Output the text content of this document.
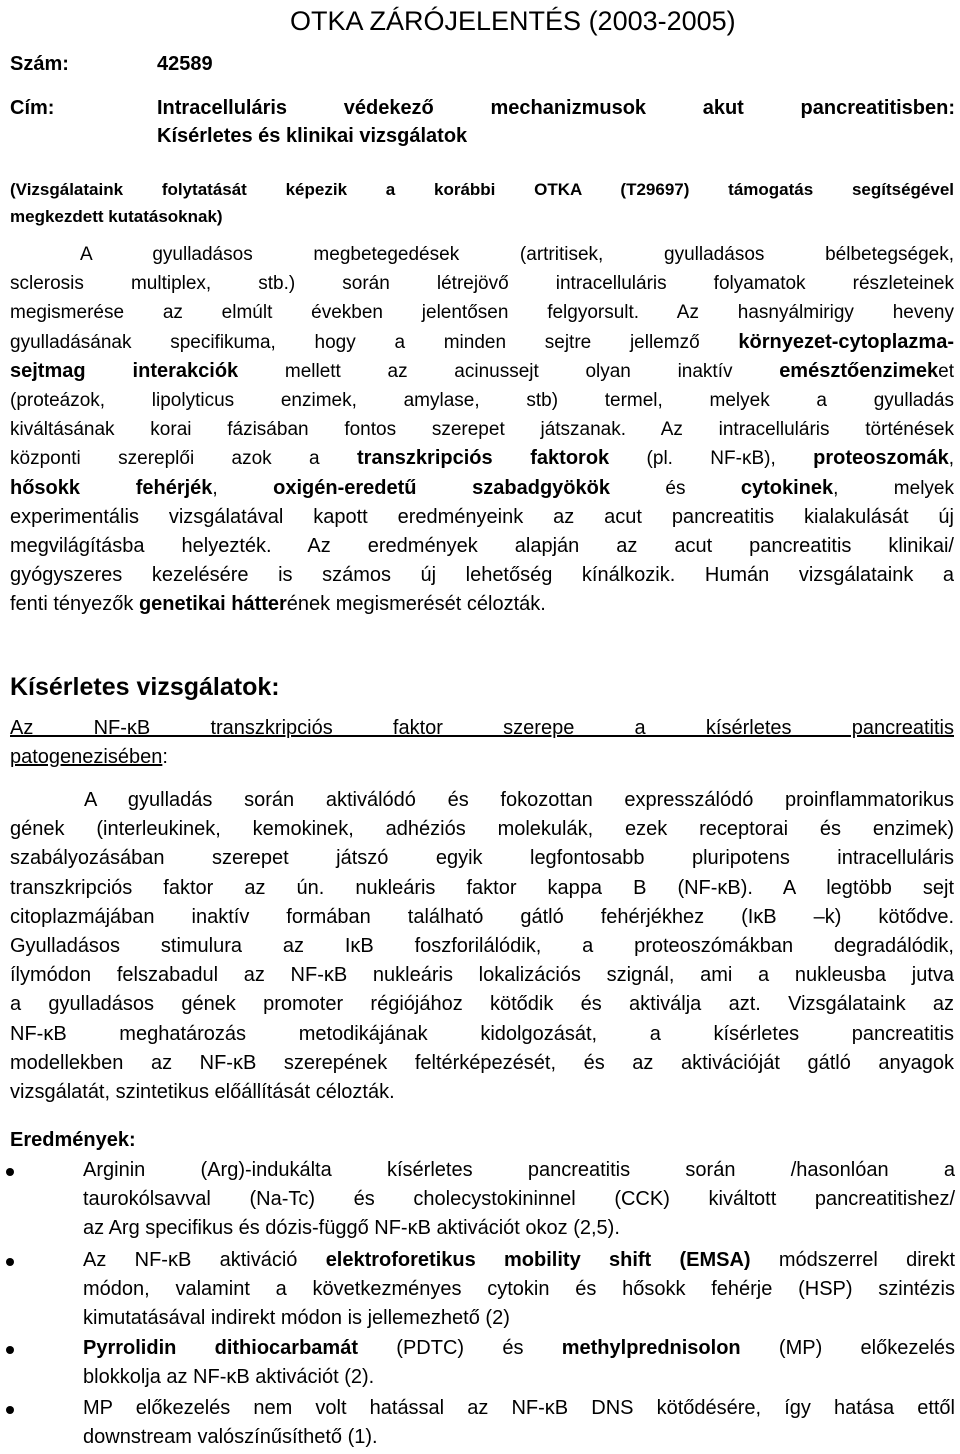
OTKA ZÁRÓJELENTÉS (2003-2005)
Szám:	42589
Cím:	Intracelluláris védekező mechanizmusok akut pancreatitisben:
Kísérletes és klinikai vizsgálatok
(Vizsgálataink folytatását képezik a korábbi OTKA (T29697) támogatás segítségével
megkezdett kutatásoknak)
A gyulladásos megbetegedések (artritisek, gyulladásos bélbetegségek,
sclerosis multiplex, stb.) során létrejövő intracelluláris folyamatok részleteinek
megismerése az elmúlt években jelentősen felgyorsult. Az hasnyálmirigy heveny
gyulladásának specifikuma, hogy a minden sejtre jellemző környezet-cytoplazma-
sejtmag interakciók mellett az acinussejt olyan inaktív emésztőenzimeket
(proteázok, lipolyticus enzimek, amylase, stb) termel, melyek a gyulladás
kiváltásának korai fázisában fontos szerepet játszanak. Az intracelluláris történések
központi szereplői azok a transzkripciós faktorok (pl. NF-κB), proteoszomák,
hősokk fehérjék, oxigén-eredetű szabadgyökök és cytokinek, melyek
experimentális vizsgálatával kapott eredményeink az acut pancreatitis kialakulását új
megvilágításba helyezték. Az eredmények alapján az acut pancreatitis klinikai/
gyógyszeres kezelésére is számos új lehetőség kínálkozik. Humán vizsgálataink a
fenti tényezők genetikai hátterének megismerését célozták.
Kísérletes vizsgálatok:
Az NF-κB transzkripciós faktor szerepe a kísérletes pancreatitis
patogenezisében:
A gyulladás során aktiválódó és fokozottan expresszálódó proinflammatorikus
gének (interleukinek, kemokinek, adhéziós molekulák, ezek receptorai és enzimek)
szabályozásában szerepet játszó egyik legfontosabb pluripotens intracelluláris
transzkripciós faktor az ún. nukleáris faktor kappa B (NF-κB). A legtöbb sejt
citoplazmájában inaktív formában található gátló fehérjékhez (IκB –k) kötődve.
Gyulladásos stimulura az IκB foszforilálódik, a proteoszómákban degradálódik,
ílymódon felszabadul az NF-κB nukleáris lokalizációs szignál, ami a nukleusba jutva
a gyulladásos gének promoter régiójához kötődik és aktiválja azt. Vizsgálataink az
NF-κB meghatározás metodikájának kidolgozását, a kísérletes pancreatitis
modellekben az NF-κB szerepének feltérképezését, és az aktivációját gátló anyagok
vizsgálatát, szintetikus előállítását célozták.
Eredmények:
Arginin (Arg)-indukálta kísérletes pancreatitis során /hasonlóan a
taurokólsavval (Na-Tc) és cholecystokininnel (CCK) kiváltott pancreatitishez/
az Arg specifikus és dózis-függő NF-κB aktivációt okoz (2,5).
Az NF-κB aktiváció elektroforetikus mobility shift (EMSA) módszerrel direkt
módon, valamint a következményes cytokin és hősokk fehérje (HSP) szintézis
kimutatásával indirekt módon is jellemezhető (2)
Pyrrolidin dithiocarbamát (PDTC) és methylprednisolon (MP) előkezelés
blokkolja az NF-κB aktivációt (2).
MP előkezelés nem volt hatással az NF-κB DNS kötődésére, így hatása ettől
downstream valószínűsíthető (1).
